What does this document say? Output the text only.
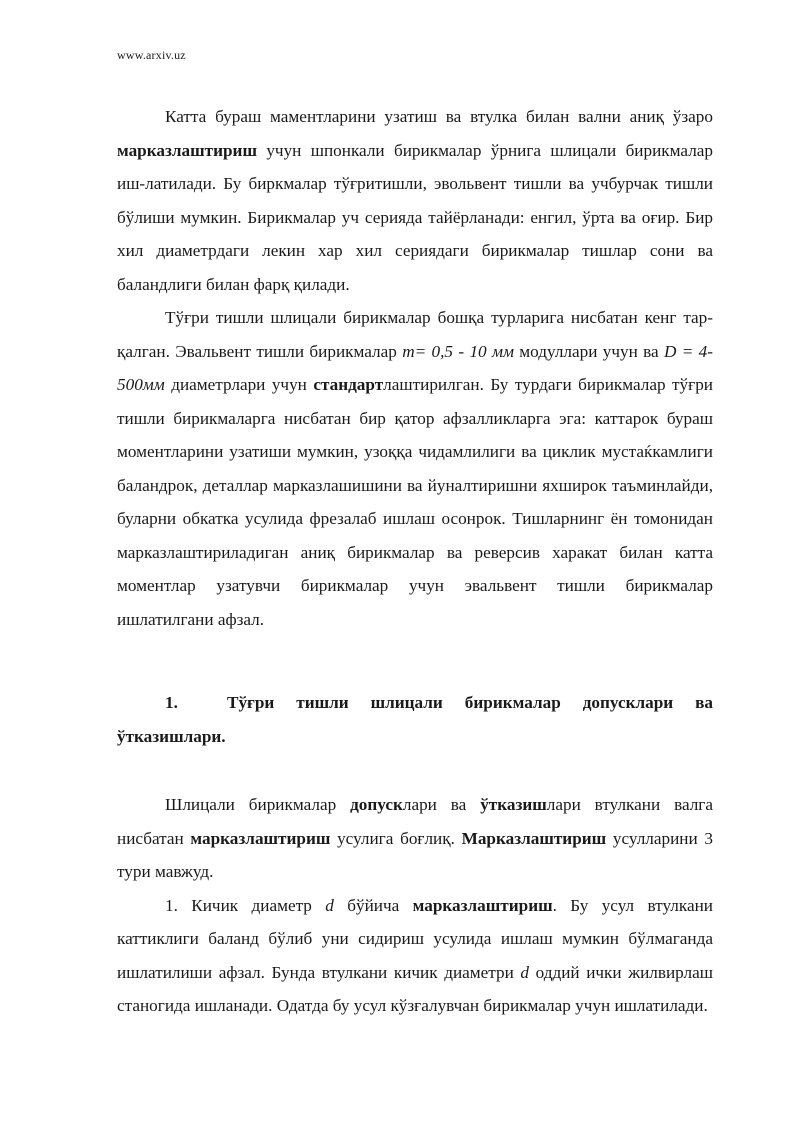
www.arxiv.uz

Катта бураш маментларини узатиш ва втулка билан вални аниқ ўзаро марказлаштириш учун шпонкали бирикмалар ўрнига шлицали бирикмалар иш-латилади. Бу биркмалар тўғритишли, эвольвент тишли ва учбурчак тишли бўлиши мумкин. Бирикмалар уч серияда тайёрланади: енгил, ўрта ва оғир. Бир хил диаметрдаги лекин хар хил сериядаги бирикмалар тишлар сони ва баландлиги билан фарқ қилади.

Тўғри тишли шлицали бирикмалар бошқа турларига нисбатан кенг тар-қалган. Эвальвент тишли бирикмалар m= 0,5 - 10 мм модуллари учун ва D = 4- 500мм диаметрлари учун стандартлаштирилган. Бу турдаги бирикмалар тўғри тишли бирикмаларга нисбатан бир қатор афзалликларга эга: каттарок бураш моментларини узатиши мумкин, узоққа чидамлилиги ва циклик мустаќкамлиги баландрок, деталлар марказлашишини ва йуналтиришни яхширок таъминлайди, буларни обкатка усулида фрезалаб ишлаш осонрок. Тишларнинг ён томонидан марказлаштириладиган аниқ бирикмалар ва реверсив харакат билан катта моментлар узатувчи бирикмалар учун эвальвент тишли бирикмалар ишлатилгани афзал.

1.	Тўғри тишли шлицали бирикмалар допусклари ва ўтказишлари.

Шлицали бирикмалар допусклари ва ўтказишлари втулкани валга нисбатан марказлаштириш усулига боғлиқ. Марказлаштириш усулларини 3 тури мавжуд.

1. Кичик диаметр d бўйича марказлаштириш. Бу усул втулкани каттиклиги баланд бўлиб уни сидириш усулида ишлаш мумкин бўлмаганда ишлатилиши афзал. Бунда втулкани кичик диаметри d оддий ички жилвирлаш станогида ишланади. Одатда бу усул кўзғалувчан бирикмалар учун ишлатилади.
